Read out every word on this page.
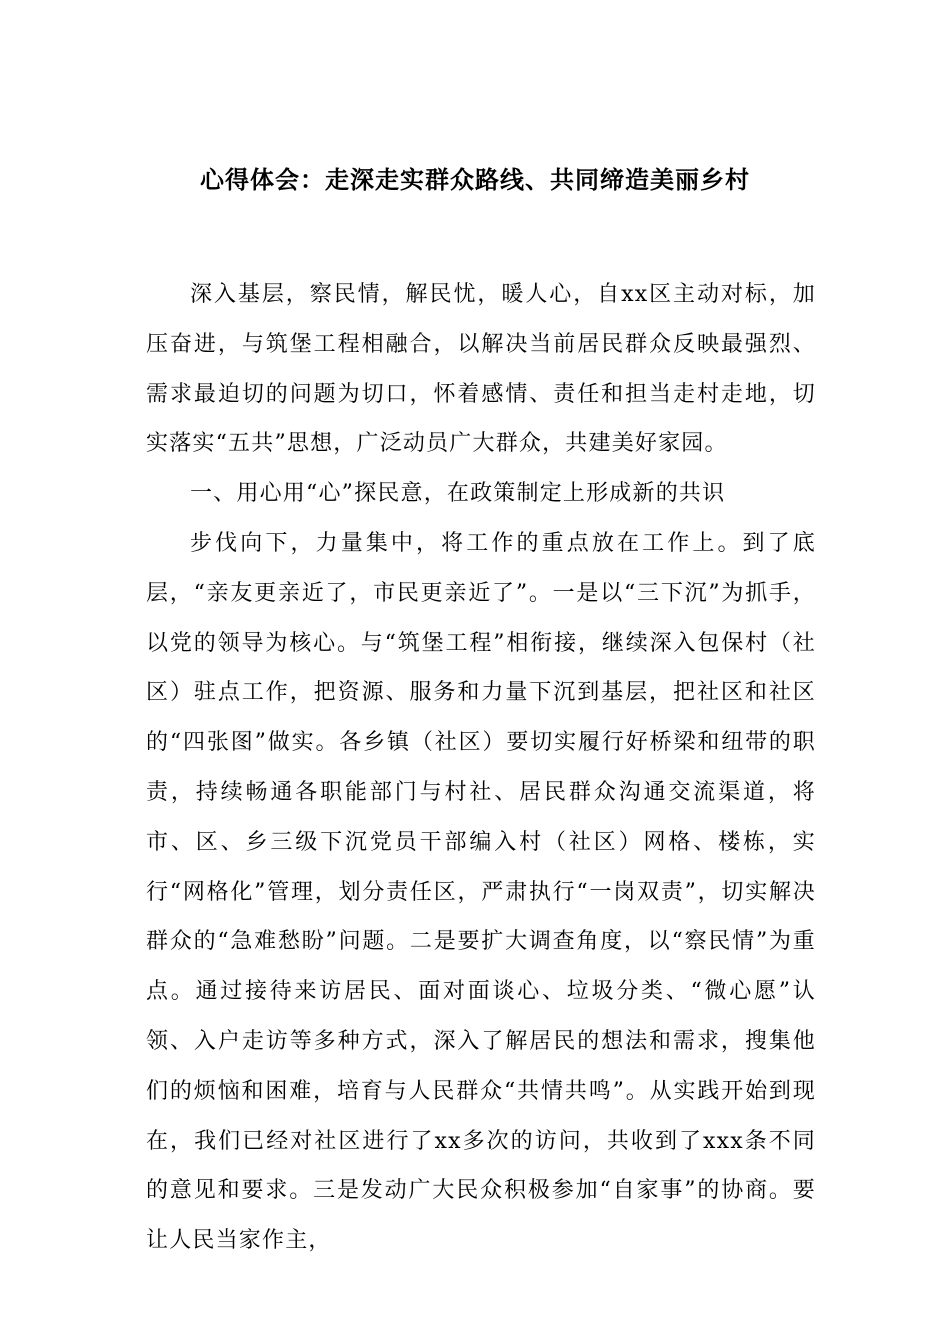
心得体会：走深走实群众路线、共同缔造美丽乡村

深入基层，察民情，解民忧，暖人心，自xx区主动对标，加压奋进，与筑堡工程相融合，以解决当前居民群众反映最强烈、需求最迫切的问题为切口，怀着感情、责任和担当走村走地，切实落实“五共”思想，广泛动员广大群众，共建美好家园。

一、用心用“心”探民意，在政策制定上形成新的共识

步伐向下，力量集中，将工作的重点放在工作上。到了底层，“亲友更亲近了，市民更亲近了”。一是以“三下沉”为抓手，以党的领导为核心。与“筑堡工程”相衔接，继续深入包保村（社区）驻点工作，把资源、服务和力量下沉到基层，把社区和社区的“四张图”做实。各乡镇（社区）要切实履行好桥梁和纽带的职责，持续畅通各职能部门与村社、居民群众沟通交流渠道，将市、区、乡三级下沉党员干部编入村（社区）网格、楼栋，实行“网格化”管理，划分责任区，严肃执行“一岗双责”，切实解决群众的“急难愁盼”问题。二是要扩大调查角度，以“察民情”为重点。通过接待来访居民、面对面谈心、垃圾分类、“微心愿”认领、入户走访等多种方式，深入了解居民的想法和需求，搜集他们的烦恼和困难，培育与人民群众“共情共鸣”。从实践开始到现在，我们已经对社区进行了xx多次的访问，共收到了xxx条不同的意见和要求。三是发动广大民众积极参加“自家事”的协商。要让人民当家作主，
